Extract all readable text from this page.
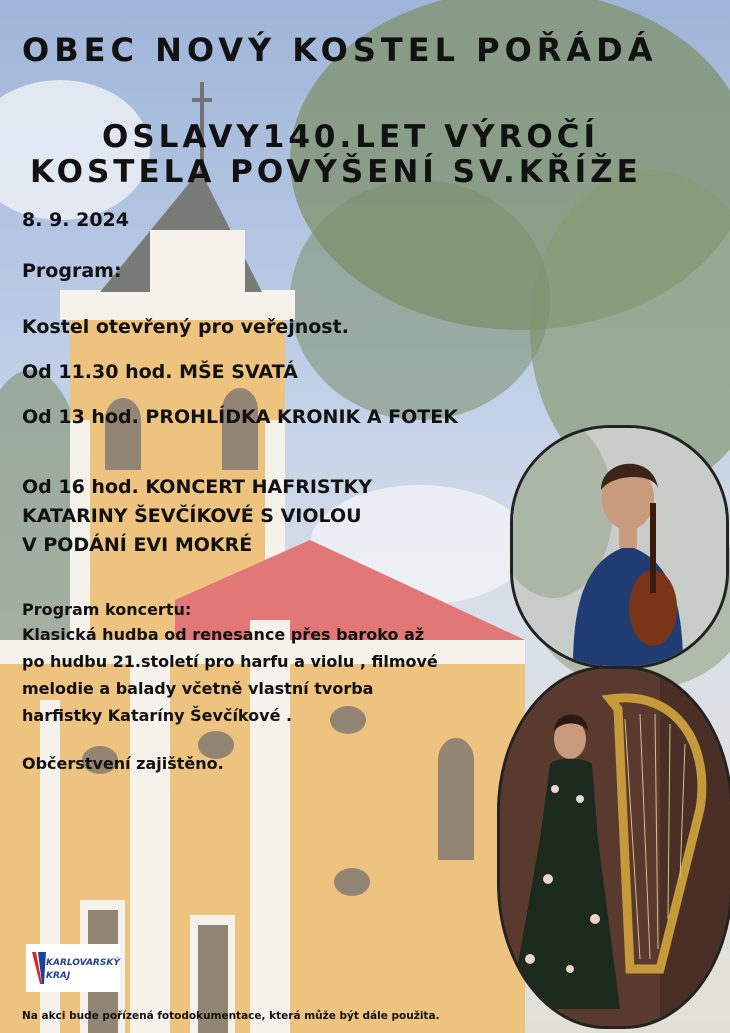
OBEC NOVÝ KOSTEL POŘÁDÁ
OSLAVY140.LET VÝROČÍ
KOSTELA POVÝŠENÍ SV.KŘÍŽE
8. 9. 2024
Program:
Kostel otevřený pro veřejnost.
Od 11.30 hod. MŠE SVATÁ
Od 13 hod. PROHLÍDKA KRONIK A FOTEK
Od 16 hod. KONCERT HAFRISTKY
KATARINY ŠEVČÍKOVÉ S VIOLOU
V PODÁNÍ EVI MOKRÉ
Program koncertu:
Klasická hudba od renesance přes baroko až
po hudbu 21.století pro harfu a violu , filmové
melodie a balady včetně vlastní tvorba
harfistky Kataríny Ševčíkové .
Občerstvení zajištěno.
KARLOVARSKÝ
KRAJ
Na akci bude pořízená fotodokumentace, která může být dále použita.
